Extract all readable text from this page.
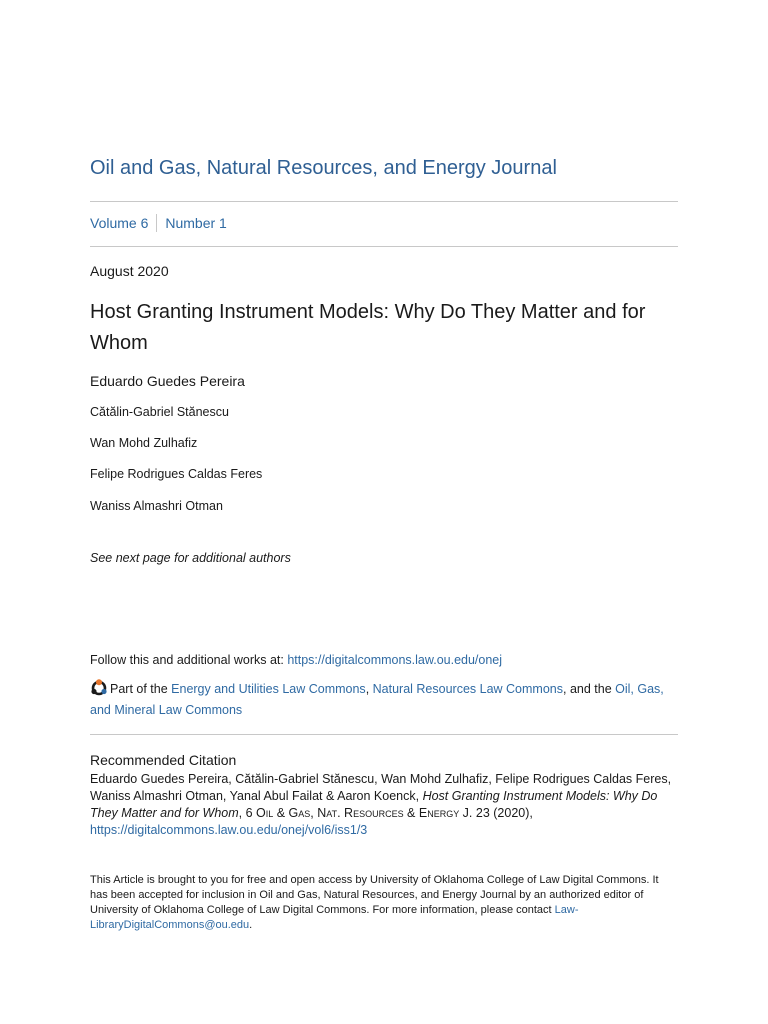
Oil and Gas, Natural Resources, and Energy Journal
Volume 6 Number 1
August 2020
Host Granting Instrument Models: Why Do They Matter and for Whom
Eduardo Guedes Pereira
Cătălin-Gabriel Stănescu
Wan Mohd Zulhafiz
Felipe Rodrigues Caldas Feres
Waniss Almashri Otman
See next page for additional authors
Follow this and additional works at: https://digitalcommons.law.ou.edu/onej
Part of the Energy and Utilities Law Commons, Natural Resources Law Commons, and the Oil, Gas, and Mineral Law Commons
Recommended Citation
Eduardo Guedes Pereira, Cătălin-Gabriel Stănescu, Wan Mohd Zulhafiz, Felipe Rodrigues Caldas Feres, Waniss Almashri Otman, Yanal Abul Failat & Aaron Koenck, Host Granting Instrument Models: Why Do They Matter and for Whom, 6 Oil & Gas, Nat. Resources & Energy J. 23 (2020),
https://digitalcommons.law.ou.edu/onej/vol6/iss1/3
This Article is brought to you for free and open access by University of Oklahoma College of Law Digital Commons. It has been accepted for inclusion in Oil and Gas, Natural Resources, and Energy Journal by an authorized editor of University of Oklahoma College of Law Digital Commons. For more information, please contact Law-LibraryDigitalCommons@ou.edu.
